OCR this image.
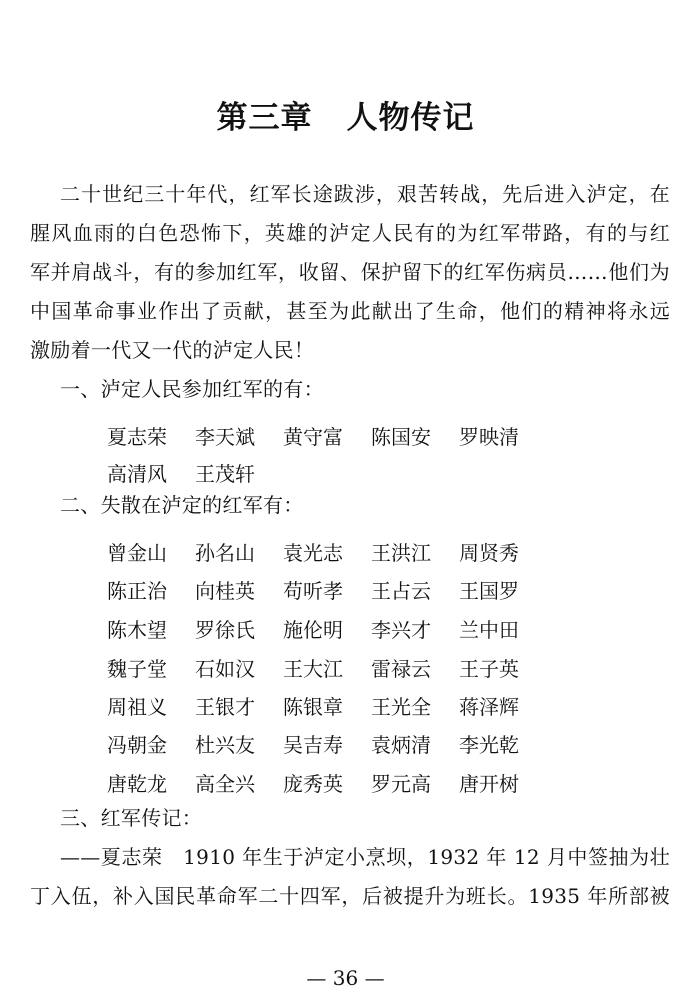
第三章 人物传记
二十世纪三十年代，红军长途跋涉，艰苦转战，先后进入泸定，在
腥风血雨的白色恐怖下，英雄的泸定人民有的为红军带路，有的与红
军并肩战斗，有的参加红军，收留、保护留下的红军伤病员……他们为
中国革命事业作出了贡献，甚至为此献出了生命，他们的精神将永远
激励着一代又一代的泸定人民！
一、泸定人民参加红军的有：
二、失散在泸定的红军有：
三、红军传记：
——夏志荣　1910 年生于泸定小烹坝，1932 年 12 月中签抽为壮
丁入伍，补入国民革命军二十四军，后被提升为班长。1935 年所部被
夏志荣 李天斌 黄守富 陈国安 罗映清
高清风 王茂轩
曾金山 孙名山 袁光志 王洪江 周贤秀
陈正治 向桂英 苟听孝 王占云 王国罗
陈木望 罗徐氏 施伦明 李兴才 兰中田
魏子堂 石如汉 王大江 雷禄云 王子英
周祖义 王银才 陈银章 王光全 蒋泽辉
冯朝金 杜兴友 吴吉寿 袁炳清 李光乾
唐乾龙 高全兴 庞秀英 罗元高 唐开树
— 36 —
